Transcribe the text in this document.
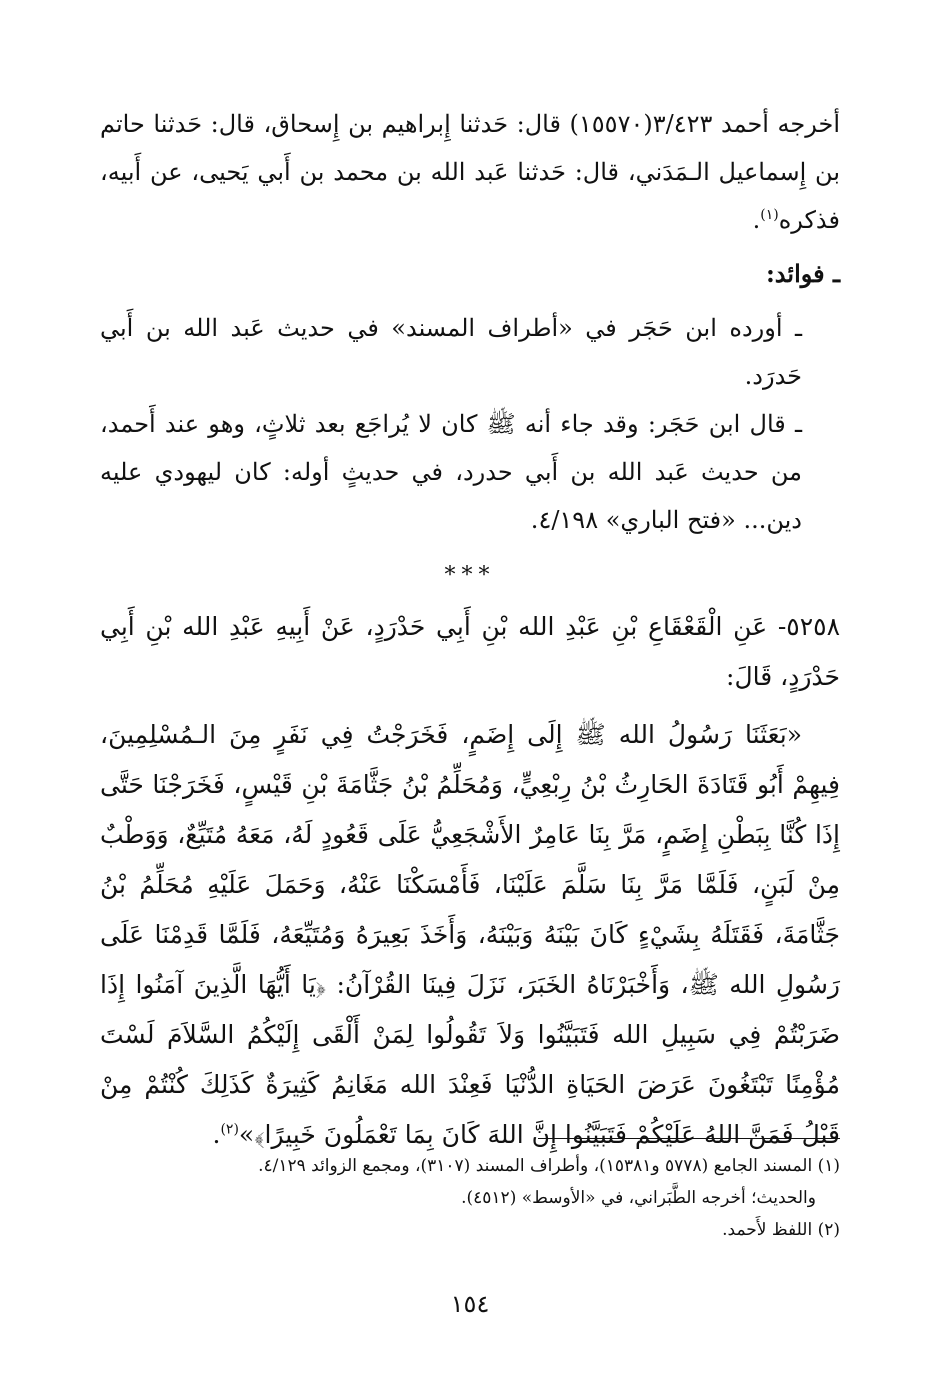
أخرجه أحمد ٣/٤٢٣(١٥٥٧٠) قال: حَدثنا إِبراهيم بن إِسحاق، قال: حَدثنا حاتم بن إِسماعيل الـمَدَني، قال: حَدثنا عَبد الله بن محمد بن أَبي يَحيى، عن أَبيه، فذكره$^{(١)}$.

ـ فوائد:

ـ أورده ابن حَجَر في «أطراف المسند» في حديث عَبد الله بن أَبي حَدرَد.

ـ قال ابن حَجَر: وقد جاء أنه ﷺ كان لا يُراجَع بعد ثلاثٍ، وهو عند أَحمد، من حديث عَبد الله بن أَبي حدرد، في حديثٍ أوله: كان ليهودي عليه دين... «فتح الباري» ٤/١٩٨.

***

٥٢٥٨- عَنِ الْقَعْقَاعِ بْنِ عَبْدِ الله بْنِ أَبِي حَدْرَدٍ، عَنْ أَبِيهِ عَبْدِ الله بْنِ أَبِي حَدْرَدٍ، قَالَ:

«بَعَثَنَا رَسُولُ الله ﷺ إِلَى إِضَمٍ، فَخَرَجْتُ فِي نَفَرٍ مِنَ الـمُسْلِمِينَ، فِيهِمْ أَبُو قَتَادَةَ الحَارِثُ بْنُ رِبْعِيٍّ، وَمُحَلِّمُ بْنُ جَثَّامَةَ بْنِ قَيْسٍ، فَخَرَجْنَا حَتَّى إِذَا كُنَّا بِبَطْنِ إِضَمٍ، مَرَّ بِنَا عَامِرٌ الأَشْجَعِيُّ عَلَى قَعُودٍ لَهُ، مَعَهُ مُتَيِّعٌ، وَوَطْبٌ مِنْ لَبَنٍ، فَلَمَّا مَرَّ بِنَا سَلَّمَ عَلَيْنَا، فَأَمْسَكْنَا عَنْهُ، وَحَمَلَ عَلَيْهِ مُحَلِّمُ بْنُ جَثَّامَةَ، فَقَتَلَهُ بِشَيْءٍ كَانَ بَيْنَهُ وَبَيْنَهُ، وَأَخَذَ بَعِيرَهُ وَمُتَيِّعَهُ، فَلَمَّا قَدِمْنَا عَلَى رَسُولِ الله ﷺ، وَأَخْبَرْنَاهُ الخَبَرَ، نَزَلَ فِينَا القُرْآنُ: ﴿يَا أَيُّهَا الَّذِينَ آمَنُوا إِذَا ضَرَبْتُمْ فِي سَبِيلِ الله فَتَبَيَّنُوا وَلاَ تَقُولُوا لِمَنْ أَلْقَى إِلَيْكُمُ السَّلاَمَ لَسْتَ مُؤْمِنًا تَبْتَغُونَ عَرَضَ الحَيَاةِ الدُّنْيَا فَعِنْدَ الله مَغَانِمُ كَثِيرَةٌ كَذَلِكَ كُنْتُمْ مِنْ قَبْلُ فَمَنَّ اللهُ عَلَيْكُمْ فَتَبَيَّنُوا إِنَّ اللهَ كَانَ بِمَا تَعْمَلُونَ خَبِيرًا﴾»$^{(٢)}$.

(١) المسند الجامع (٥٧٧٨ و١٥٣٨١)، وأطراف المسند (٣١٠٧)، ومجمع الزوائد ٤/١٢٩.

والحديث؛ أخرجه الطَّبَراني، في «الأوسط» (٤٥١٢).

(٢) اللفظ لأَحمد.

١٥٤
